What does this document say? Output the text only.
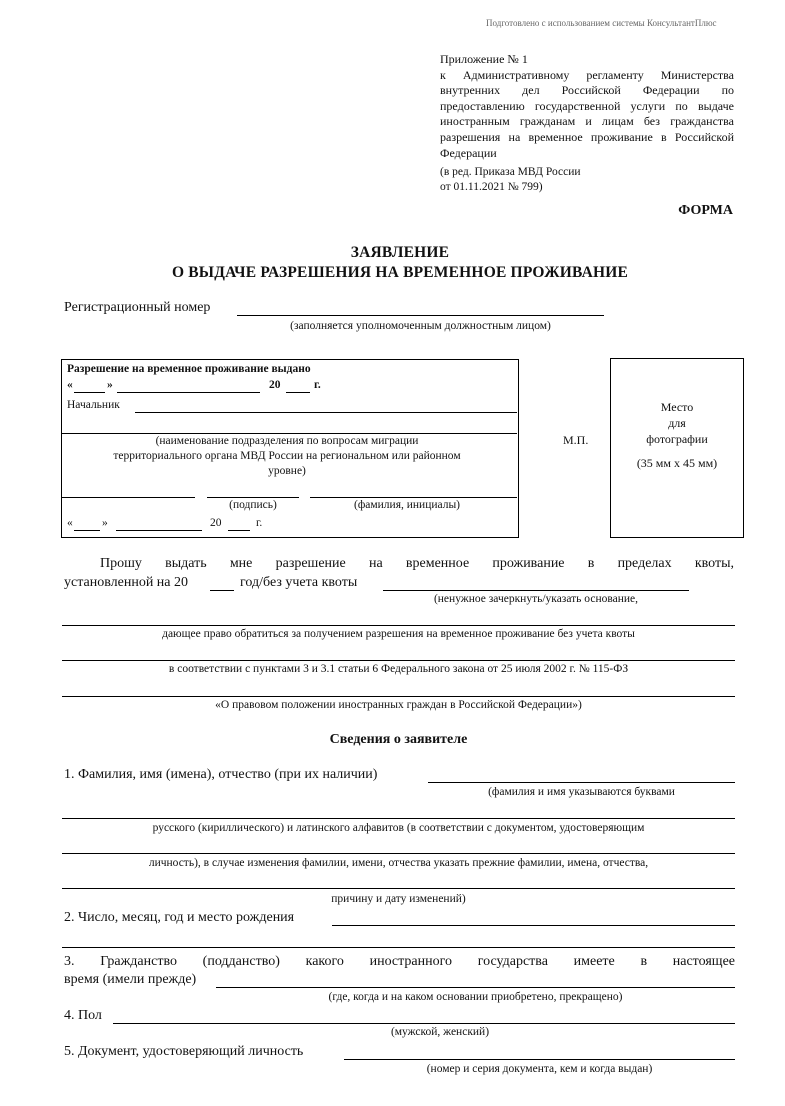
Подготовлено с использованием системы КонсультантПлюс
Приложение № 1
к Административному регламенту Министерства внутренних дел Российской Федерации по предоставлению государственной услуги по выдаче иностранным гражданам и лицам без гражданства разрешения на временное проживание в Российской Федерации
(в ред. Приказа МВД России
от 01.11.2021 № 799)
ФОРМА
ЗАЯВЛЕНИЕ
О ВЫДАЧЕ РАЗРЕШЕНИЯ НА ВРЕМЕННОЕ ПРОЖИВАНИЕ
Регистрационный номер
(заполняется уполномоченным должностным лицом)
Разрешение на временное проживание выдано
«	»	20	г.
Начальник
(наименование подразделения по вопросам миграции территориального органа МВД России на региональном или районном уровне)
(подпись)	(фамилия, инициалы)
«	»	20	г.
М.П.
Место
для
фотографии
(35 мм х 45 мм)
Прошу выдать мне разрешение на временное проживание в пределах квоты,
установленной на 20	год/без учета квоты
(ненужное зачеркнуть/указать основание,
дающее право обратиться за получением разрешения на временное проживание без учета квоты
в соответствии с пунктами 3 и 3.1 статьи 6 Федерального закона от 25 июля 2002 г. № 115-ФЗ
«О правовом положении иностранных граждан в Российской Федерации»)
Сведения о заявителе
1. Фамилия, имя (имена), отчество (при их наличии)
(фамилия и имя указываются буквами
русского (кириллического) и латинского алфавитов (в соответствии с документом, удостоверяющим
личность), в случае изменения фамилии, имени, отчества указать прежние фамилии, имена, отчества,
причину и дату изменений)
2. Число, месяц, год и место рождения
3. Гражданство (подданство) какого иностранного государства имеете в настоящее
время (имели прежде)
(где, когда и на каком основании приобретено, прекращено)
4. Пол
(мужской, женский)
5. Документ, удостоверяющий личность
(номер и серия документа, кем и когда выдан)
